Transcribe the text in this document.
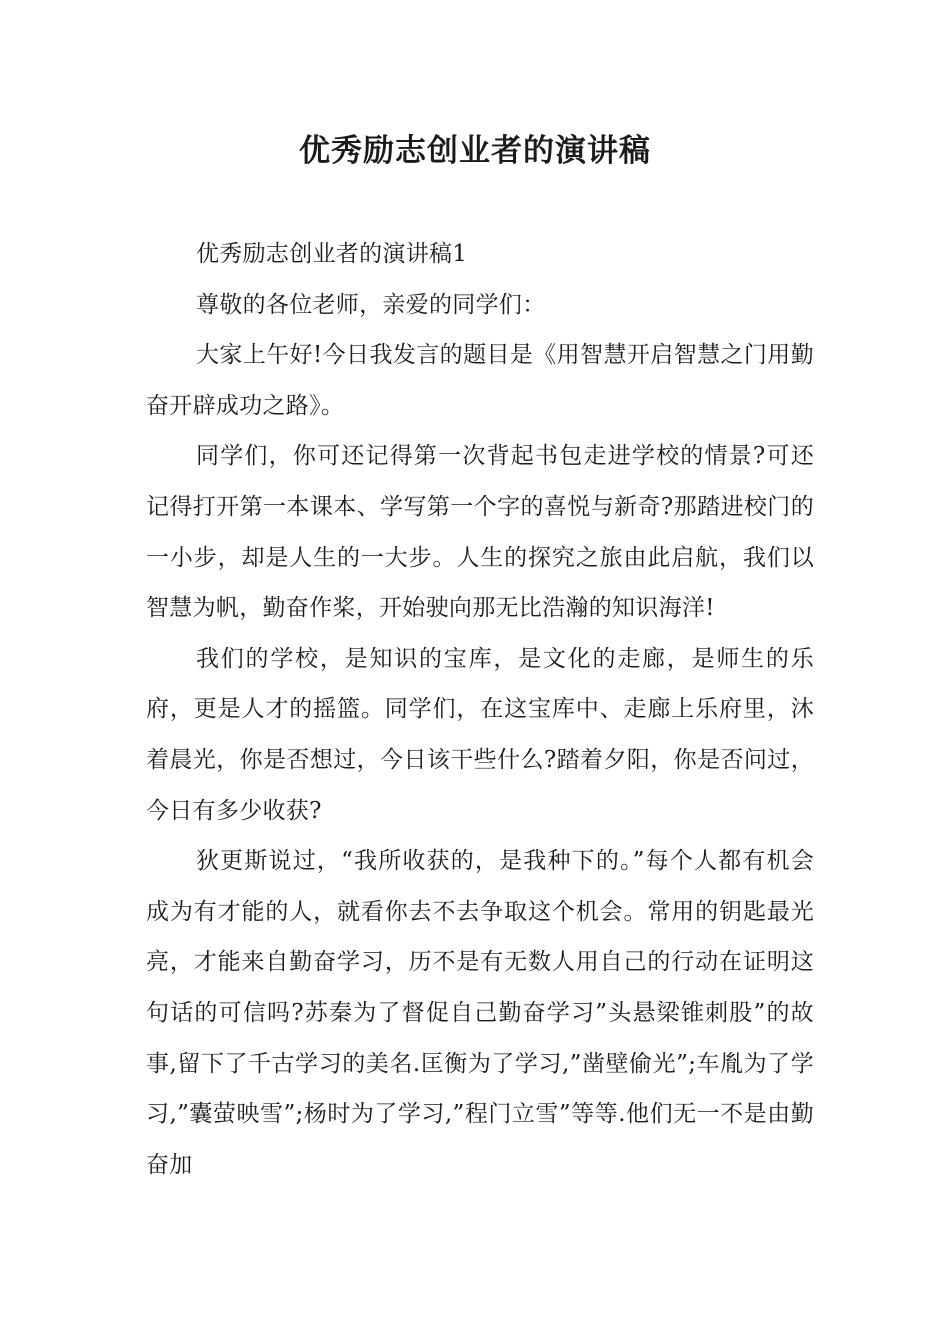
优秀励志创业者的演讲稿

优秀励志创业者的演讲稿1

尊敬的各位老师，亲爱的同学们：

大家上午好!今日我发言的题目是《用智慧开启智慧之门用勤奋开辟成功之路》。

同学们，你可还记得第一次背起书包走进学校的情景?可还记得打开第一本课本、学写第一个字的喜悦与新奇?那踏进校门的一小步，却是人生的一大步。人生的探究之旅由此启航，我们以智慧为帆，勤奋作桨，开始驶向那无比浩瀚的知识海洋!

我们的学校，是知识的宝库，是文化的走廊，是师生的乐府，更是人才的摇篮。同学们，在这宝库中、走廊上乐府里，沐着晨光，你是否想过，今日该干些什么?踏着夕阳，你是否问过，今日有多少收获?

狄更斯说过，“我所收获的，是我种下的。”每个人都有机会成为有才能的人，就看你去不去争取这个机会。常用的钥匙最光亮，才能来自勤奋学习，历不是有无数人用自己的行动在证明这句话的可信吗?苏秦为了督促自己勤奋学习”头悬梁锥刺股”的故事,留下了千古学习的美名.匡衡为了学习,”凿壁偷光”;车胤为了学习,”囊萤映雪”;杨时为了学习,”程门立雪”等等.他们无一不是由勤奋加
